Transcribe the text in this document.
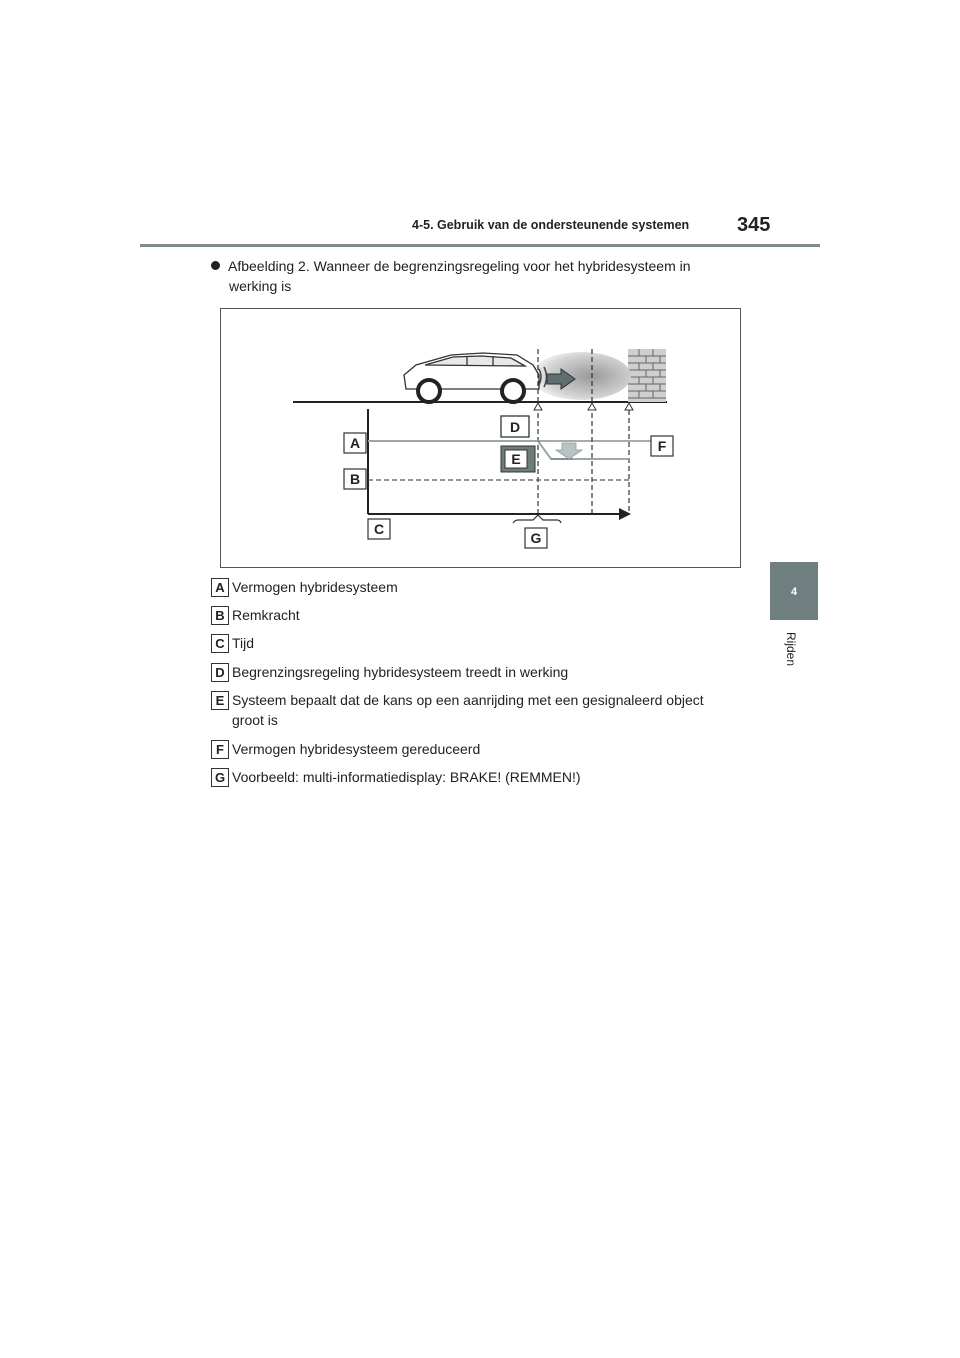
4-5. Gebruik van de ondersteunende systemen 345
4
Rijden
Afbeelding 2. Wanneer de begrenzingsregeling voor het hybridesysteem in
werking is
A
B
C
D
E
F
G
A Vermogen hybridesysteem
B Remkracht
C Tijd
D Begrenzingsregeling hybridesysteem treedt in werking
E Systeem bepaalt dat de kans op een aanrijding met een gesignaleerd object
groot is
F Vermogen hybridesysteem gereduceerd
G Voorbeeld: multi-informatiedisplay: BRAKE! (REMMEN!)
